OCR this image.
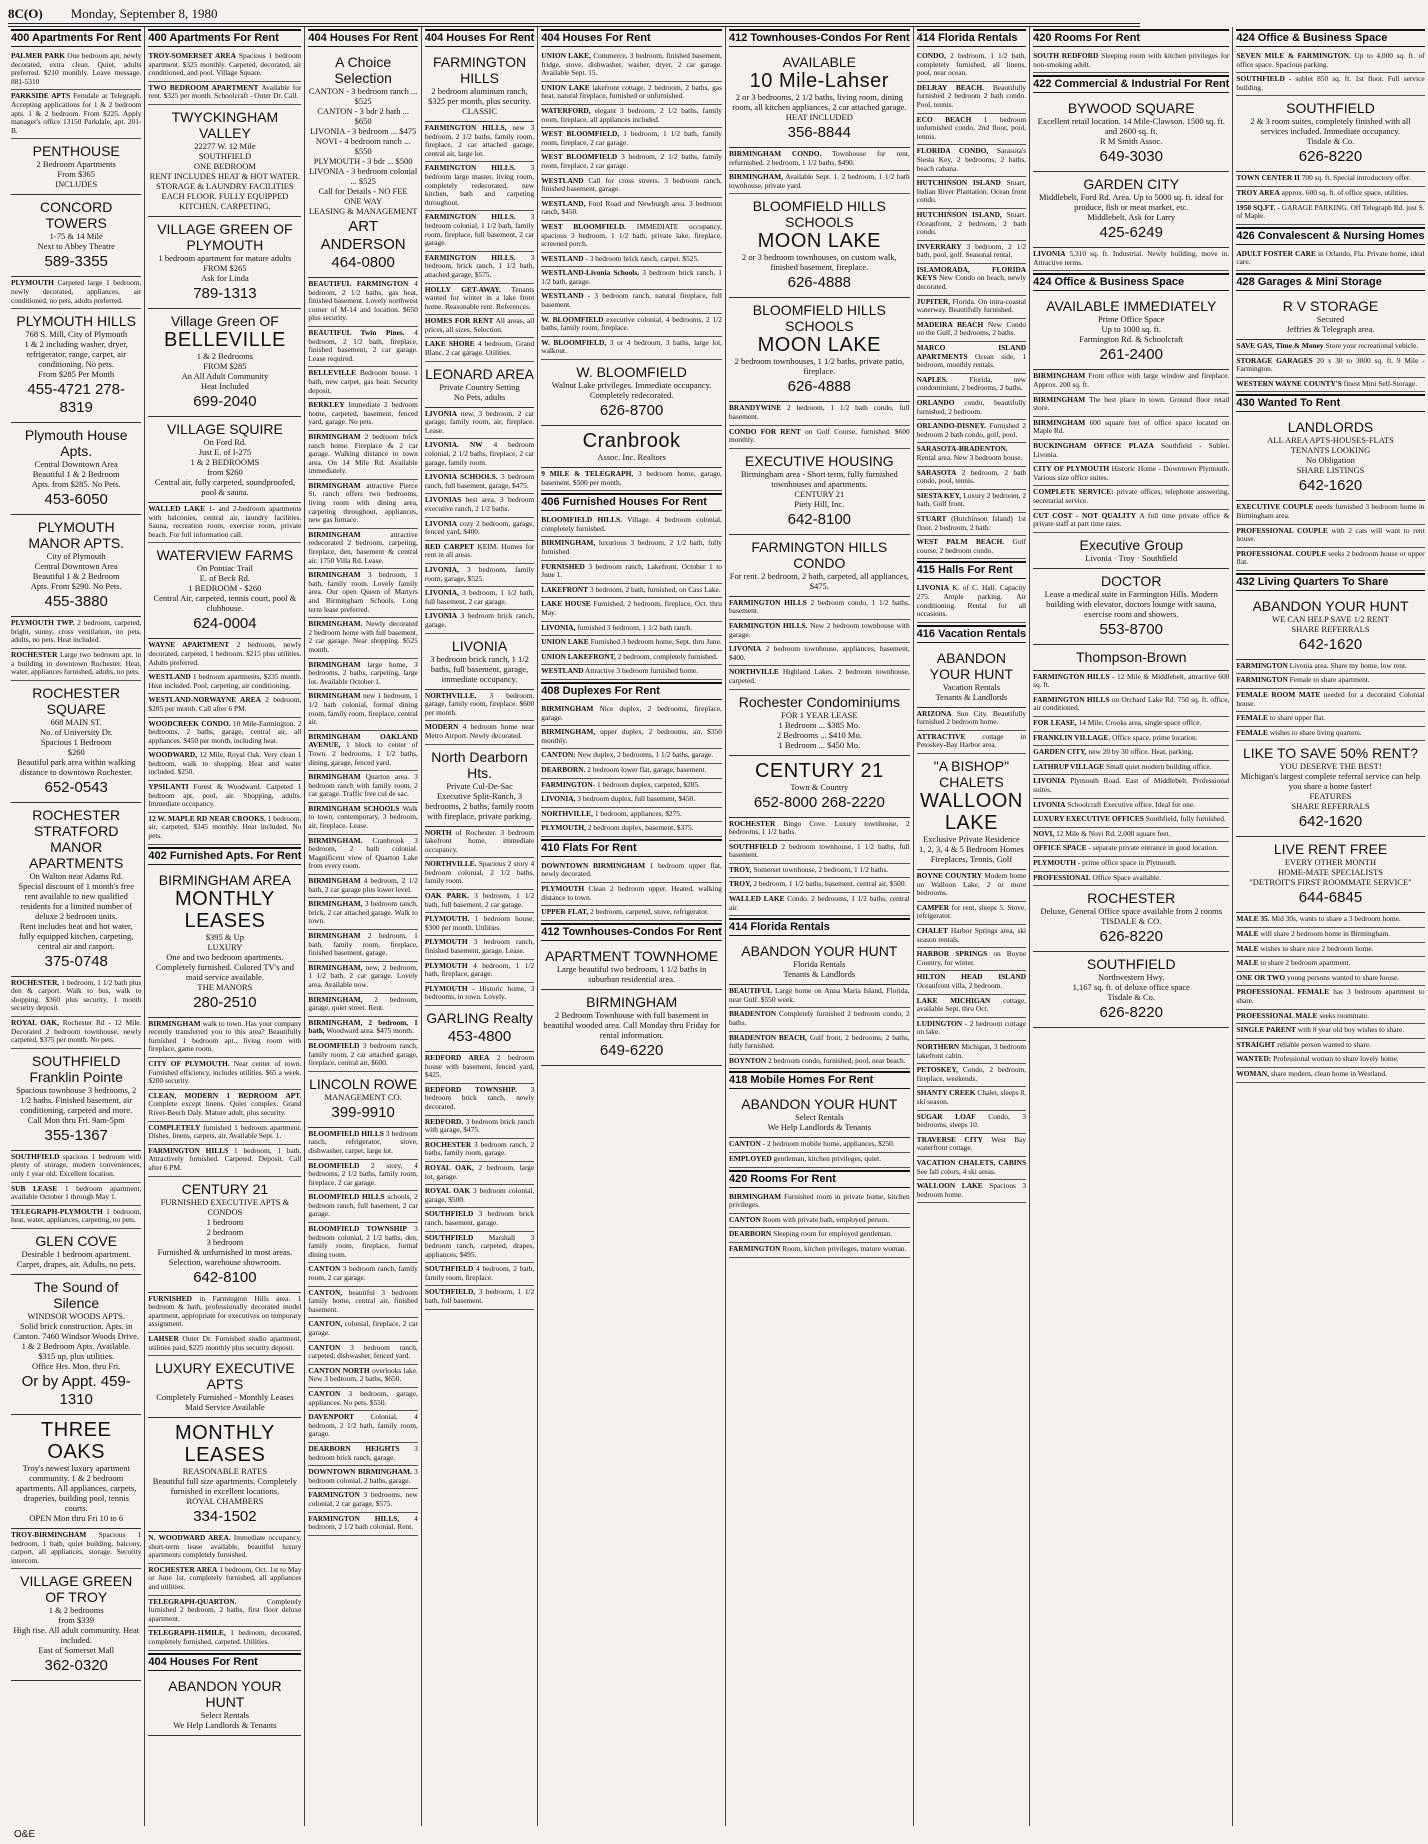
8C(O) Monday, September 8, 1980
400 Apartments For Rent
PALMER PARK One bedroom apt, newly decorated, extra clean. Quiet, adults preferred. $210 monthly. Leave message. 881-5310
PARKSIDE APTS Ferndale at Telegraph. Accepting applications for 1 & 2 bedroom apts. 1 & 2 bedroom. From $225. Apply manager's office 13150 Parkdale, apt. 201-B.
PENTHOUSE
2 Bedroom Apartments
From $365
INCLUDES
CONCORD TOWERS
1-75 & 14 Mile
Next to Abbey Theatre
589-3355
PLYMOUTH Carpeted large 1 bedroom, newly decorated, appliances, air conditioned, no pets, adults preferred.
PLYMOUTH HILLS
768 S. Mill, City of Plymouth
1 & 2 including washer, dryer, refrigerator, range, carpet, air conditioning. No pets.
From $285 Per Month
455-4721 278-8319
Plymouth House Apts.
Central Downtown Area
Beautiful 1 & 2 Bedroom
Apts. from $285. No Pets.
453-6050
PLYMOUTH MANOR APTS.
City of Plymouth
Central Downtown Area
Beautiful 1 & 2 Bedroom
Apts. From $290. No Pets.
455-3880
PLYMOUTH TWP. 2 bedroom, carpeted, bright, sunny, cross ventilation, no pets, adults, no pets. Heat included.
ROCHESTER Large two bedroom apt. in a building in downtown Rochester. Heat, water, appliances furnished, adults, no pets.
ROCHESTER SQUARE
668 MAIN ST.
No. of University Dr.
Spacious 1 Bedroom
$260
Beautiful park area within walking distance to downtown Rochester.
652-0543
ROCHESTER STRATFORD MANOR APARTMENTS
On Walton near Adams Rd.
Special discount of 1 month's free rent available to new qualified residents for a limited number of deluxe 2 bedroom units.
Rent includes heat and hot water, fully equipped kitchen, carpeting, central air and carport.
375-0748
ROCHESTER. 1 bedroom, 1 1/2 bath plus den & carport. Walk to bus, walk to shopping. $360 plus security, 1 month security deposit.
ROYAL OAK, Rochester Rd - 12 Mile. Decorated 2 bedroom townhouse, newly carpeted, $375 per month. No pets.
SOUTHFIELD Franklin Pointe
Spacious townhouse 3 bedrooms, 2 1/2 baths. Finished basement, air conditioning, carpeted and more.
Call Mon thru Fri. 9am-5pm
355-1367
SOUTHFIELD spacious 1 bedroom with plenty of storage, modern conveniences, only 1 year old. Excellent location.
SUB LEASE 1 bedroom apartment, available October 1 through May 1.
TELEGRAPH-PLYMOUTH 1 bedroom, heat, water, appliances, carpeting, no pets.
GLEN COVE
Desirable 1 bedroom apartment.
Carpet, drapes, air. Adults, no pets.
The Sound of Silence
WINDSOR WOODS APTS.
Solid brick construction. Apts. in Canton. 7460 Windsor Woods Drive.
1 & 2 Bedroom Apts. Available.
$315 up, plus utilities.
Office Hrs. Mon. thru Fri.
Or by Appt. 459-1310
THREE OAKS
Troy's newest luxury apartment community. 1 & 2 bedroom apartments. All appliances, carpets, draperies, building pool, tennis courts.
OPEN Mon thru Fri 10 to 6
TROY-BIRMINGHAM Spacious 1 bedroom, 1 bath, quiet building, balcony, carport, all appliances, storage. Security intercom.
VILLAGE GREEN OF TROY
1 & 2 bedrooms
from $339
High rise. All adult community. Heat included.
East of Somerset Mall
362-0320
400 Apartments For Rent
TROY-SOMERSET AREA Spacious 1 bedroom apartment. $325 monthly. Carpeted, decorated, air conditioned, and pool. Village Square.
TWO BEDROOM APARTMENT Available for rent. $325 per month. Schoolcraft - Outer Dr. Call.
TWYCKINGHAM VALLEY
22277 W. 12 Mile
SOUTHFIELD
ONE BEDROOM
RENT INCLUDES HEAT & HOT WATER. STORAGE & LAUNDRY FACILITIES EACH FLOOR. FULLY EQUIPPED KITCHEN. CARPETING.
VILLAGE GREEN OF PLYMOUTH
1 bedroom apartment for mature adults
FROM $265
Ask for Linda
789-1313
Village Green OF
BELLEVILLE
1 & 2 Bedrooms
FROM $285
An All Adult Community
Heat Included
699-2040
VILLAGE SQUIRE
On Ford Rd.
Just E. of I-275
1 & 2 BEDROOMS
from $260
Central air, fully carpeted, soundproofed, pool & sauna.
WALLED LAKE 1- and 2-bedroom apartments with balconies, central air, laundry facilities. Sauna, recreation room, exercise room, private beach. For full information call.
WATERVIEW FARMS
On Pontiac Trail
E. of Beck Rd.
1 BEDROOM - $260
Central Air, carpeted, tennis court, pool & clubhouse.
624-0004
WAYNE APARTMENT 2 bedroom, newly decorated, carpeted, 1 bedroom. $215 plus utilities. Adults preferred.
WESTLAND 1 bedroom apartments, $235 month. Heat included. Pool, carpeting, air conditioning.
WESTLAND-NORWAYNE AREA 2 bedroom, $205 per month. Call after 6 PM.
WOODCREEK CONDO. 10 Mile-Farmington. 2 bedrooms, 2 baths, garage, central air, all appliances. $450 per month, including heat.
WOODWARD, 12 Mile, Royal Oak. Very clean 1 bedroom, walk to shopping. Heat and water included. $250.
YPSILANTI Forest & Woodward. Carpeted 1 bedroom apt, pool, air. Shopping, adults. Immediate occupancy.
12 W. MAPLE RD NEAR CROOKS. 1 bedroom, air, carpeted, $345 monthly. Heat included. No pets.
402 Furnished Apts. For Rent
BIRMINGHAM AREA
MONTHLY LEASES
$395 & Up
LUXURY
One and two bedroom apartments. Completely furnished. Colored TV's and maid service available.
THE MANORS
280-2510
BIRMINGHAM walk to town. Has your company recently transferred you to this area? Beautifully furnished 1 bedroom apt., living room with fireplace, game room.
CITY OF PLYMOUTH. Near center of town. Furnished efficiency, includes utilities. $65 a week. $200 security.
CLEAN, MODERN 1 BEDROOM APT. Complete except linens. Quiet complex. Grand River-Beech Daly. Mature adult, plus security.
COMPLETELY furnished 1 bedroom apartment. Dishes, linens, carpets, air. Available Sept. 1.
FARMINGTON HILLS 1 bedroom, 1 bath. Attractively furnished. Carpeted. Deposit. Call after 6 PM.
CENTURY 21
FURNISHED EXECUTIVE APTS & CONDOS
1 bedroom
2 bedroom
3 bedroom
Furnished & unfurnished in most areas. Selection, warehouse showroom.
642-8100
FURNISHED in Farmington Hills area. 1 bedroom & bath, professionally decorated model apartment, appropriate for executives on temporary assignment.
LAHSER Outer Dr. Furnished studio apartment, utilities paid, $225 monthly plus security deposit.
LUXURY EXECUTIVE APTS
Completely Furnished - Monthly Leases
Maid Service Available
MONTHLY LEASES
REASONABLE RATES
Beautiful full size apartments. Completely furnished in excellent locations.
ROYAL CHAMBERS
334-1502
N. WOODWARD AREA. Immediate occupancy, short-term lease available, beautiful luxury apartments completely furnished.
ROCHESTER AREA 1 bedroom, Oct. 1st to May or June 1st, completely furnished, all appliances and utilities.
TELEGRAPH-QUARTON.	Completely furnished 2 bedroom, 2 baths, first floor deluxe apartment.
TELEGRAPH-11MILE, 1 bedroom, decorated, completely furnished, carpeted. Utilities.
404 Houses For Rent
ABANDON YOUR HUNT
Select Rentals
We Help Landlords & Tenants
404 Houses For Rent
A Choice Selection
CANTON - 3 bedroom ranch ... $525
CANTON - 3 bdr 2 bath ... $650
LIVONIA - 3 bedroom ... $475
NOVI - 4 bedroom ranch ... $550
PLYMOUTH - 3 bdr ... $500
LIVONIA - 3 bedroom colonial ... $525
Call for Details - NO FEE
ONE WAY
LEASING & MANAGEMENT
ART ANDERSON 464-0800
BEAUTIFUL FARMINGTON 4 bedroom, 2 1/2 baths, gas heat, finished basement. Lovely northwest corner of M-14 and location. $650 plus security.
BEAUTIFUL Twin Pines. 4 bedroom, 2 1/2 bath, fireplace, finished basement, 2 car garage. Lease required.
BELLEVILLE Bedroom house. 1 bath, new carpet, gas heat. Security deposit.
BERKLEY Immediate 2 bedroom home, carpeted, basement, fenced yard, garage. No pets.
BIRMINGHAM 2 bedroom brick ranch home. Fireplace & 2 car garage. Walking distance to town area. On 14 Mile Rd. Available immediately.
BIRMINGHAM attractive Pierce St. ranch offers two bedrooms, living room with dining area, carpeting throughout, appliances, new gas furnace.
BIRMINGHAM	attractive redecorated 2 bedroom, carpeting, fireplace, den, basement & central air. 1750 Villa Rd. Lease.
BIRMINGHAM 3 bedroom, 1 bath, family room. Lovely family area. Our open Queen of Martyrs and Birmingham Schools. Long term lease preferred.
BIRMINGHAM. Newly decorated 2 bedroom home with full basement, 2 car garage. Near shopping. $525 month.
BIRMINGHAM large home, 3 bedrooms, 2 baths, carpeting, large lot. Available October 1.
BIRMINGHAM new 1 bedroom, 1 1/2 bath colonial, formal dining room, family room, fireplace, central air.
BIRMINGHAM OAKLAND AVENUE, 1 block to center of Town. 2 bedrooms, 1 1/2 baths, dining, garage, fenced yard.
BIRMINGHAM Quarton area. 3 bedroom ranch with family room, 2 car garage. Traffic free cul de sac.
BIRMINGHAM SCHOOLS Walk to town, contemporary, 3 bedroom, air, fireplace. Lease.
BIRMINGHAM. Cranbrook 3 bedroom, 2 bath colonial. Magnificent view of Quarton Lake from every room.
BIRMINGHAM 4 bedroom, 2 1/2 bath, 2 car garage plus lower level.
BIRMINGHAM, 3 bedroom ranch, brick, 2 car attached garage. Walk to town.
BIRMINGHAM 2 bedroom, 1 bath, family room, fireplace, finished basement, garage.
BIRMINGHAM, new, 2 bedroom, 1 1/2 bath, 2 car garage. Lovely area. Available now.
BIRMINGHAM, 2 bedroom, garage, quiet street. Rent.
BIRMINGHAM, 2 bedroom, 1 bath, Woodward area. $475 month.
BLOOMFIELD 3 bedroom ranch, family room, 2 car attached garage, fireplace, central air, $600.
LINCOLN ROWE
MANAGEMENT CO.
399-9910
BLOOMFIELD HILLS 3 bedroom ranch, refrigerator, stove, dishwasher, carpet, large lot.
BLOOMFIELD 2 story, 4 bedrooms, 2 1/2 baths, family room, fireplace, 2 car garage.
BLOOMFIELD HILLS schools, 2 bedroom ranch, full basement, 2 car garage.
BLOOMFIELD TOWNSHIP 3 bedroom colonial, 2 1/2 baths, den, family room, fireplace, formal dining room.
CANTON 3 bedroom ranch, family room, 2 car garage.
CANTON, beautiful 3 bedroom family home, central air, finished basement.
CANTON, colonial, fireplace, 2 car garage.
CANTON 3 bedroom ranch, carpeted, dishwasher, fenced yard.
CANTON NORTH overlooks lake. New 3 bedroom, 2 baths, $650.
CANTON 3 bedroom, garage, appliances. No pets. $550.
DAVENPORT Colonial, 4 bedroom, 2 1/2 bath, family room, garage.
DEARBORN HEIGHTS 3 bedroom brick ranch, garage.
DOWNTOWN BIRMINGHAM. 3 bedroom colonial, 2 baths, garage.
FARMINGTON 3 bedrooms, new colonial, 2 car garage, $575.
FARMINGTON HILLS, 4 bedroom, 2 1/2 bath colonial. Rent.
404 Houses For Rent
FARMINGTON HILLS
2 bedroom aluminum ranch, $325 per month, plus security.
CLASSIC
FARMINGTON HILLS, new 3 bedroom, 2 1/2 baths, family room, fireplace, 2 car attached garage, central air, large lot.
FARMINGTON HILLS. 3 bedroom large master, living room, completely redecorated, new kitchen, bath and carpeting throughout.
FARMINGTON HILLS. 3 bedroom colonial, 1 1/2 bath, family room, fireplace, full basement, 2 car garage.
FARMINGTON HILLS. 3 bedroom, brick ranch, 1 1/2 bath, attached garage, $575.
HOLLY GET-AWAY. Tenants wanted for winter in a lake front home. Reasonable rent. References.
HOMES FOR RENT All areas, all prices, all sizes. Selection.
LAKE SHORE 4 bedroom, Grand Blanc, 2 car garage. Utilities.
LEONARD AREA
Private Country Setting
No Pets, adults
LIVONIA new, 3 bedroom, 2 car garage, family room, air, fireplace. Lease.
LIVONIA. NW 4 bedroom colonial, 2 1/2 baths, fireplace, 2 car garage, family room.
LIVONIA SCHOOLS. 3 bedroom ranch, full basement, garage, $475.
LIVONIAS best area, 3 bedroom executive ranch, 2 1/2 baths.
LIVONIA cozy 2 bedroom, garage, fenced yard, $400.
RED CARPET KEIM. Homes for rent in all areas.
LIVONIA, 3 bedroom, family room, garage, $525.
LIVONIA, 3 bedroom, 1 1/2 bath, full basement, 2 car garage.
LIVONIA 3 bedroom brick ranch, garage.
LIVONIA
3 bedroom brick ranch, 1 1/2 baths, full basement, garage, immediate occupancy.
NORTHVILLE. 3 bedroom, garage, family room, fireplace. $600 per month.
MODERN 4 bedroom home near Metro Airport. Newly decorated.
North Dearborn Hts.
Private Cul-De-Sac
Executive Split-Ranch, 3 bedrooms, 2 baths, family room with fireplace, private parking.
NORTH of Rochester. 3 bedroom lakefront home, immediate occupancy.
NORTHVILLE. Spacious 2 story 4 bedroom colonial, 2 1/2 baths, family room.
OAK PARK. 3 bedroom, 1 1/2 bath, full basement, 2 car garage.
PLYMOUTH. 1 bedroom house, $300 per month. Utilities.
PLYMOUTH 3 bedroom ranch, finished basement, garage. Lease.
PLYMOUTH 4 bedroom, 1 1/2 bath, fireplace, garage.
PLYMOUTH - Historic home, 3 bedrooms, in town. Lovely.
GARLING Realty
453-4800
REDFORD AREA 2 bedroom house with basement, fenced yard, $425.
REDFORD TOWNSHIP. 3 bedroom brick ranch, newly decorated.
REDFORD. 3 bedroom brick ranch with garage, $475.
ROCHESTER 3 bedroom ranch, 2 baths, family room, garage.
ROYAL OAK, 2 bedroom, large lot, garage.
ROYAL OAK 3 bedroom colonial, garage, $500.
SOUTHFIELD 3 bedroom brick ranch, basement, garage.
SOUTHFIELD Marshall 3 bedroom ranch, carpeted, drapes, appliances, $495.
SOUTHFIELD 4 bedroom, 2 bath, family room, fireplace.
SOUTHFIELD, 3 bedroom, 1 1/2 bath, full basement.
404 Houses For Rent
UNION LAKE, Commerce, 3 bedroom, finished basement, fridge, stove, dishwasher, washer, dryer, 2 car garage. Available Sept. 15.
UNION LAKE lakefront cottage, 2 bedroom, 2 baths, gas heat, natural fireplace, furnished or unfurnished.
WATERFORD, elegant 3 bedroom, 2 1/2 baths, family room, fireplace, all appliances included.
WEST BLOOMFIELD, 1 bedroom, 1 1/2 bath, family room, fireplace, 2 car garage.
WEST BLOOMFIELD 3 bedroom, 2 1/2 baths, family room, fireplace, 2 car garage.
WESTLAND Call for cross streets. 3 bedroom ranch, finished basement, garage.
WESTLAND, Ford Road and Newburgh area. 3 bedroom ranch, $450.
WEST BLOOMFIELD. IMMEDIATE occupancy, spacious 3 bedroom, 1 1/2 bath, private lake, fireplace, screened porch.
WESTLAND - 3 bedroom brick ranch, carpet. $525.
WESTLAND-Livonia Schools. 3 bedroom brick ranch, 1 1/2 bath, garage.
WESTLAND - 3 bedroom ranch, natural fireplace, full basement.
W. BLOOMFIELD executive colonial, 4 bedrooms, 2 1/2 baths, family room, fireplace.
W. BLOOMFIELD, 3 or 4 bedroom, 3 baths, large lot, walkout.
W. BLOOMFIELD
Walnut Lake privileges. Immediate occupancy.
Completely redecorated.
626-8700
Cranbrook
Assoc. Inc. Realtors
9 MILE & TELEGRAPH, 3 bedroom home, garage, basement. $500 per month.
406 Furnished Houses For Rent
BLOOMFIELD HILLS. Village. 4 bedroom colonial, completely furnished.
BIRMINGHAM, luxurious 3 bedroom, 2 1/2 bath, fully furnished.
FURNISHED 3 bedroom ranch, Lakefront. October 1 to June 1.
LAKEFRONT 3 bedroom, 2 bath, furnished, on Cass Lake.
LAKE HOUSE Furnished, 2 bedroom, fireplace, Oct. thru May.
LIVONIA, furnished 3 bedroom, 1 1/2 bath ranch.
UNION LAKE Furnished 3 bedroom home, Sept. thru June.
UNION LAKEFRONT, 2 bedroom, completely furnished.
WESTLAND Attractive 3 bedroom furnished home.
408 Duplexes For Rent
BIRMINGHAM Nice duplex, 2 bedrooms, fireplace, garage.
BIRMINGHAM, upper duplex, 2 bedrooms, air, $350 monthly.
CANTON: New duplex, 2 bedrooms, 1 1/2 baths, garage.
DEARBORN. 2 bedroom lower flat, garage, basement.
FARMINGTON- 1 bedroom duplex, carpeted, $285.
LIVONIA, 3 bedroom duplex, full basement, $450.
NORTHVILLE, 1 bedroom, appliances, $275.
PLYMOUTH, 2 bedroom duplex, basement, $375.
410 Flats For Rent
DOWNTOWN BIRMINGHAM 1 bedroom upper flat, newly decorated.
PLYMOUTH Clean 2 bedroom upper. Heated, walking distance to town.
UPPER FLAT, 2 bedroom, carpeted, stove, refrigerator.
412 Townhouses-Condos For Rent
APARTMENT TOWNHOME
Large beautiful two bedroom, 1 1/2 baths in suburban residential area.
BIRMINGHAM
2 Bedroom Townhouse with full basement in beautiful wooded area. Call Monday thru Friday for rental information.
649-6220
412 Townhouses-Condos For Rent
AVAILABLE
10 Mile-Lahser
2 or 3 bedrooms, 2 1/2 baths, living room, dining room, all kitchen appliances, 2 car attached garage.
HEAT INCLUDED
356-8844
BIRMINGHAM CONDO. Townhouse for rent, refurnished. 2 bedroom, 1 1/2 baths, $490.
BIRMINGHAM, Available Sept. 1. 2 bedroom, 1 1/2 bath townhouse, private yard.
BLOOMFIELD HILLS SCHOOLS
MOON LAKE
2 or 3 bedroom townhouses, on custom walk, finished basement, fireplace.
626-4888
BLOOMFIELD HILLS SCHOOLS
MOON LAKE
2 bedroom townhouses, 1 1/2 baths, private patio, fireplace.
626-4888
BRANDYWINE 2 bedroom, 1 1/2 bath condo, full basement.
CONDO FOR RENT on Golf Course, furnished. $600 monthly.
EXECUTIVE HOUSING
Birmingham area - Short term, fully furnished townhouses and apartments.
CENTURY 21
Piety Hill, Inc.
642-8100
FARMINGTON HILLS CONDO
For rent. 2 bedroom, 2 bath, carpeted, all appliances, $475.
FARMINGTON HILLS 2 bedroom condo, 1 1/2 baths, basement.
FARMINGTON HILLS. New 2 bedroom townhouse with garage.
LIVONIA 2 bedroom townhouse, appliances, basement, $400.
NORTHVILLE Highland Lakes. 2 bedroom townhouse, carpeted.
Rochester Condominiums
FOR 1 YEAR LEASE
1 Bedroom ... $385 Mo.
2 Bedrooms ... $410 Mo.
1 Bedroom ... $450 Mo.
CENTURY 21
Town & Country
652-8000 268-2220
ROCHESTER Bingo Cove. Luxury townhouse, 2 bedrooms, 1 1/2 baths.
SOUTHFIELD 2 bedroom townhouse, 1 1/2 baths, full basement.
TROY, Somerset townhouse, 2 bedroom, 1 1/2 baths.
TROY, 2 bedroom, 1 1/2 baths, basement, central air, $500.
WALLED LAKE Condo. 2 bedrooms, 1 1/2 baths, central air.
414 Florida Rentals
ABANDON YOUR HUNT
Florida Rentals
Tenants & Landlords
BEAUTIFUL Large home on Anna Maria Island, Florida, near Gulf. $550 week.
BRADENTON Completely furnished 2 bedroom condo, 2 baths.
BRADENTON BEACH, Gulf front, 2 bedrooms, 2 baths, fully furnished.
BOYNTON 2 bedroom condo, furnished, pool, near beach.
418 Mobile Homes For Rent
ABANDON YOUR HUNT
Select Rentals
We Help Landlords & Tenants
CANTON - 2 bedroom mobile home, appliances, $250.
EMPLOYED gentleman, kitchen privileges, quiet.
420 Rooms For Rent
BIRMINGHAM Furnished room in private home, kitchen privileges.
CANTON Room with private bath, employed person.
DEARBORN Sleeping room for employed gentleman.
FARMINGTON Room, kitchen privileges, mature woman.
414 Florida Rentals
CONDO, 2 bedroom, 1 1/2 bath, completely furnished, all linens, pool, near ocean.
DELRAY BEACH. Beautifully furnished 2 bedroom 2 bath condo. Pool, tennis.
ECO BEACH 1 bedroom unfurnished condo, 2nd floor, pool, tennis.
FLORIDA CONDO, Sarasota's Siesta Key, 2 bedrooms, 2 baths, beach cabana.
HUTCHINSON ISLAND Stuart, Indian River Plantation. Ocean front condo.
HUTCHINSON ISLAND, Stuart. Oceanfront, 2 bedroom, 2 bath condo.
INVERRARY 3 bedroom, 2 1/2 bath, pool, golf. Seasonal rental.
ISLAMORADA, FLORIDA KEYS New Condo on beach, newly decorated.
JUPITER, Florida. On intra-coastal waterway. Beautifully furnished.
MADEIRA BEACH New Condo on the Gulf, 2 bedrooms, 2 baths.
MARCO ISLAND APARTMENTS Ocean side, 1 bedroom, monthly rentals.
NAPLES.	Florida, new condominium, 2 bedrooms, 2 baths.
ORLANDO condo, beautifully furnished, 2 bedroom.
ORLANDO-DISNEY. Furnished 2 bedroom 2 bath condo, golf, pool.
SARASOTA-BRADENTON. Rental area. New 3 bedroom house.
SARASOTA 2 bedroom, 2 bath condo, pool, tennis.
SIESTA KEY, Luxury 2 bedroom, 2 bath, Gulf front.
STUART (Hutchinson Island) 1st floor. 2 bedroom, 2 bath.
WEST PALM BEACH. Golf course, 2 bedroom condo.
415 Halls For Rent
LIVONIA K. of C. Hall. Capacity 275. Ample parking. Air conditioning. Rental for all occasions.
416 Vacation Rentals
ABANDON YOUR HUNT
Vacation Rentals
Tenants & Landlords
ARIZONA Sun City. Beautifully furnished 2 bedroom home.
ATTRACTIVE cottage in Petoskey-Bay Harbor area.
"A BISHOP" CHALETS
WALLOON LAKE
Exclusive Private Residence
1, 2, 3, 4 & 5 Bedroom Homes
Fireplaces, Tennis, Golf
BOYNE COUNTRY Modern home on Walloon Lake, 2 or more bedrooms.
CAMPER for rent, sleeps 5. Stove, refrigerator.
CHALET Harbor Springs area, ski season rentals.
HARBOR SPRINGS on Boyne Country, for winter.
HILTON HEAD ISLAND Oceanfront villa, 2 bedroom.
LAKE MICHIGAN cottage, available Sept. thru Oct.
LUDINGTON - 2 bedroom cottage on lake.
NORTHERN Michigan, 3 bedroom lakefront cabin.
PETOSKEY, Condo, 2 bedroom, fireplace, weekends.
SHANTY CREEK Chalet, sleeps 8, ski season.
SUGAR LOAF Condo, 3 bedrooms, sleeps 10.
TRAVERSE CITY West Bay waterfront cottage.
VACATION CHALETS, CABINS See fall colors, 4 ski areas.
WALLOON LAKE Spacious 3 bedroom home.
420 Rooms For Rent
SOUTH REDFORD Sleeping room with kitchen privileges for non-smoking adult.
422 Commercial & Industrial For Rent
BYWOOD SQUARE
Excellent retail location. 14 Mile-Clawson. 1500 sq. ft. and 2600 sq. ft.
R M Smith Assoc.
649-3030
GARDEN CITY
Middlebelt, Ford Rd. Area. Up to 5000 sq. ft. ideal for produce, fish or meat market, etc.
Middlebelt. Ask for Larry
425-6249
LIVONIA 5,310 sq. ft. Industrial. Newly building, move in. Attractive terms.
424 Office & Business Space
AVAILABLE IMMEDIATELY
Prime Office Space
Up to 1000 sq. ft.
Farmington Rd. & Schoolcraft
261-2400
BIRMINGHAM Front office with large window and fireplace. Approx. 200 sq. ft.
BIRMINGHAM The best place in town. Ground floor retail store.
BIRMINGHAM 600 square feet of office space located on Maple Rd.
BUCKINGHAM OFFICE PLAZA Southfield - Sublet. Livonia.
CITY OF PLYMOUTH Historic Home - Downtown Plymouth. Various size office suites.
COMPLETE SERVICE: private offices, telephone answering, secretarial service.
CUT COST - NOT QUALITY A full time private office & private staff at part time rates.
Executive Group
Livonia · Troy · Southfield
DOCTOR
Lease a medical suite in Farmington Hills. Modern building with elevator, doctors lounge with sauna, exercise room and showers.
553-8700
Thompson-Brown
FARMINGTON HILLS - 12 Mile & Middlebelt, attractive 600 sq. ft.
FARMINGTON HILLS on Orchard Lake Rd. 750 sq. ft. office, air conditioned.
FOR LEASE, 14 Mile, Crooks area, single space office.
FRANKLIN VILLAGE. Office space, prime location.
GARDEN CITY, new 20 by 30 office. Heat, parking.
LATHRUP VILLAGE Small quiet modern building office.
LIVONIA Plymouth Road. East of Middlebelt. Professional suites.
LIVONIA Schoolcraft Executive office. Ideal for one.
LUXURY EXECUTIVE OFFICES Southfield, fully furnished.
NOVI, 12 Mile & Novi Rd. 2,000 square feet.
OFFICE SPACE - separate private entrance in good location.
PLYMOUTH - prime office space in Plymouth.
PROFESSIONAL Office Space available.
ROCHESTER
Deluxe, General Office space available from 2 rooms
TISDALE & CO.
626-8220
SOUTHFIELD
Northwestern Hwy.
1,167 sq. ft. of deluxe office space
Tisdale & Co.
626-8220
424 Office & Business Space
SEVEN MILE & FARMINGTON. Up to 4,000 sq. ft. of office space. Spacious parking.
SOUTHFIELD - sublet 850 sq. ft. 1st floor. Full service building.
SOUTHFIELD
2 & 3 room suites, completely finished with all services included. Immediate occupancy.
Tisdale & Co.
626-8220
TOWN CENTER II 700 sq. ft. Special introductory offer.
TROY AREA approx. 600 sq. ft. of office space, utilities.
1950 SQ.FT. - GARAGE PARKING. Off Telegraph Rd. just S. of Maple.
426 Convalescent & Nursing Homes
ADULT FOSTER CARE in Orlando, Fla. Private home, ideal care.
428 Garages & Mini Storage
R V STORAGE
Secured
Jeffries & Telegraph area.
SAVE GAS, Time & Money Store your recreational vehicle.
STORAGE GARAGES 20 x 30 to 3000 sq. ft. 9 Mile - Farmington.
WESTERN WAYNE COUNTY'S finest Mini Self-Storage.
430 Wanted To Rent
LANDLORDS
ALL AREA APTS-HOUSES-FLATS
TENANTS LOOKING
No Obligation
SHARE LISTINGS
642-1620
EXECUTIVE COUPLE needs furnished 3 bedroom home in Birmingham area.
PROFESSIONAL COUPLE with 2 cats will want to rent house.
PROFESSIONAL COUPLE seeks 2 bedroom house or upper flat.
432 Living Quarters To Share
ABANDON YOUR HUNT
WE CAN HELP SAVE 1/2 RENT
SHARE REFERRALS
642-1620
FARMINGTON Livonia area. Share my home, low rent.
FARMINGTON Female to share apartment.
FEMALE ROOM MATE needed for a decorated Colonial house.
FEMALE to share upper flat.
FEMALE wishes to share living quarters.
LIKE TO SAVE 50% RENT?
YOU DESERVE THE BEST!
Michigan's largest complete referral service can help you share a home faster!
FEATURES
SHARE REFERRALS
642-1620
LIVE RENT FREE
EVERY OTHER MONTH
HOME-MATE SPECIALISTS
"DETROIT'S FIRST ROOMMATE SERVICE"
644-6845
MALE 35. Mid 30s, wants to share a 3 bedroom home.
MALE will share 2 bedroom home in Birmingham.
MALE wishes to share nice 2 bedroom home.
MALE to share 2 bedroom apartment.
ONE OR TWO young persons wanted to share house.
PROFESSIONAL FEMALE has 3 bedroom apartment to share.
PROFESSIONAL MALE seeks roommate.
SINGLE PARENT with 8 year old boy wishes to share.
STRAIGHT reliable person wanted to share.
WANTED: Professional woman to share lovely home.
WOMAN, share modern, clean home in Westland.
O&E
